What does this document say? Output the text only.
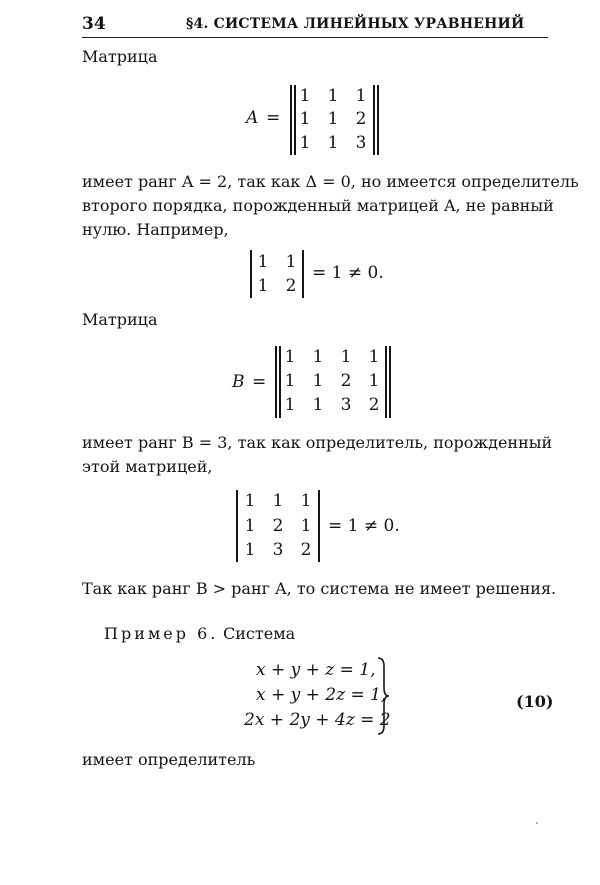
34	§4. СИСТЕМА ЛИНЕЙНЫХ УРАВНЕНИЙ
Матрица
A =
1	1	1
1	1	2
1	1	3
имеет ранг A = 2, так как Δ = 0, но имеется определитель
второго порядка, порожденный матрицей A, не равный
нулю. Например,
1	1
1	2
= 1 ≠ 0.
Матрица
B =
1	1	1	1
1	1	2	1
1	1	3	2
имеет ранг B = 3, так как определитель, порожденный
этой матрицей,
1	1	1
1	2	1
1	3	2
= 1 ≠ 0.
Так как ранг B > ранг A, то система не имеет решения.
Пример 6. Система
x + y + z = 1,
x + y + 2z = 1,
2x + 2y + 4z = 2
(10)
имеет определитель
